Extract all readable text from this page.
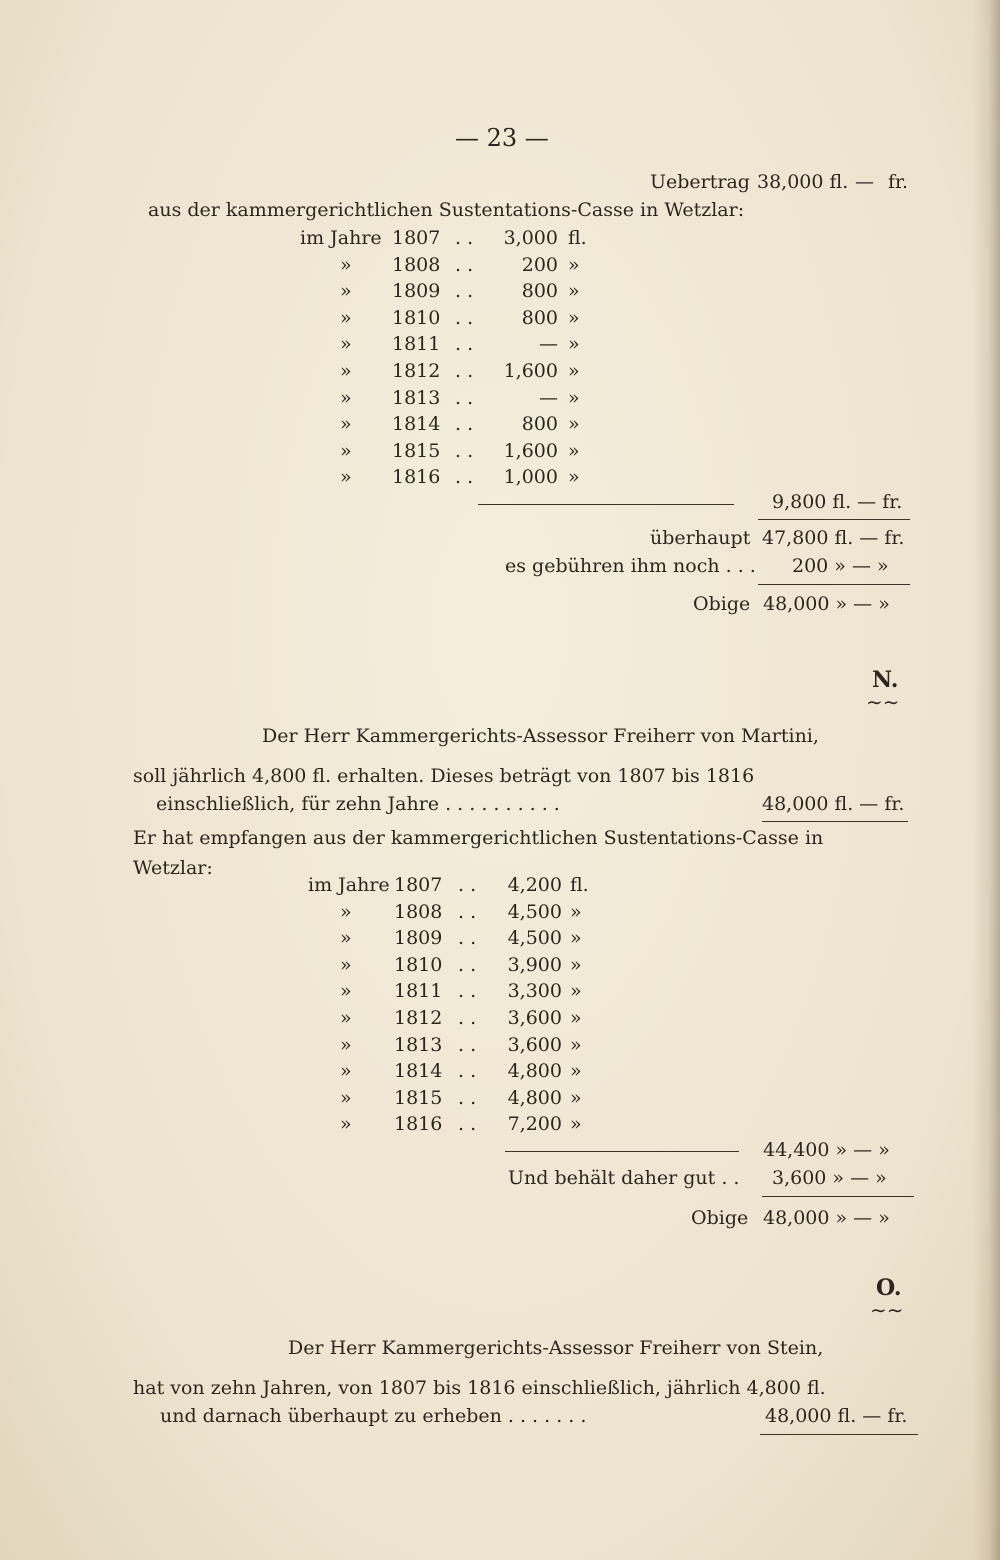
— 23 —
Uebertrag 38,000 fl. — fr.
aus der kammergerichtlichen Sustentations-Casse in Wetzlar:
im Jahre 1807 . .	3,000 fl.
» 1808 . .	200 »
» 1809 . .	800 »
» 1810 . .	800 »
» 1811 . .	— »
» 1812 . .	1,600 »
» 1813 . .	— »
» 1814 . .	800 »
» 1815 . .	1,600 »
» 1816 . .	1,000 »
9,800 fl. — fr.
überhaupt 47,800 fl. — fr.
es gebühren ihm noch . . . 200 » — »
Obige 48,000 » — »
N.
∼∼
Der Herr Kammergerichts-Assessor Freiherr von Martini,
soll jährlich 4,800 fl. erhalten. Dieses beträgt von 1807 bis 1816
einschließlich, für zehn Jahre . . . . . . . . . .	48,000 fl. — fr.
Er hat empfangen aus der kammergerichtlichen Sustentations-Casse in
Wetzlar:
im Jahre 1807 . .	4,200 fl.
» 1808 . .	4,500 »
» 1809 . .	4,500 »
» 1810 . .	3,900 »
» 1811 . .	3,300 »
» 1812 . .	3,600 »
» 1813 . .	3,600 »
» 1814 . .	4,800 »
» 1815 . .	4,800 »
» 1816 . .	7,200 »
44,400 » — »
Und behält daher gut . . 3,600 » — »
Obige 48,000 » — »
O.
∼∼
Der Herr Kammergerichts-Assessor Freiherr von Stein,
hat von zehn Jahren, von 1807 bis 1816 einschließlich, jährlich 4,800 fl.
und darnach überhaupt zu erheben . . . . . . .	48,000 fl. — fr.
